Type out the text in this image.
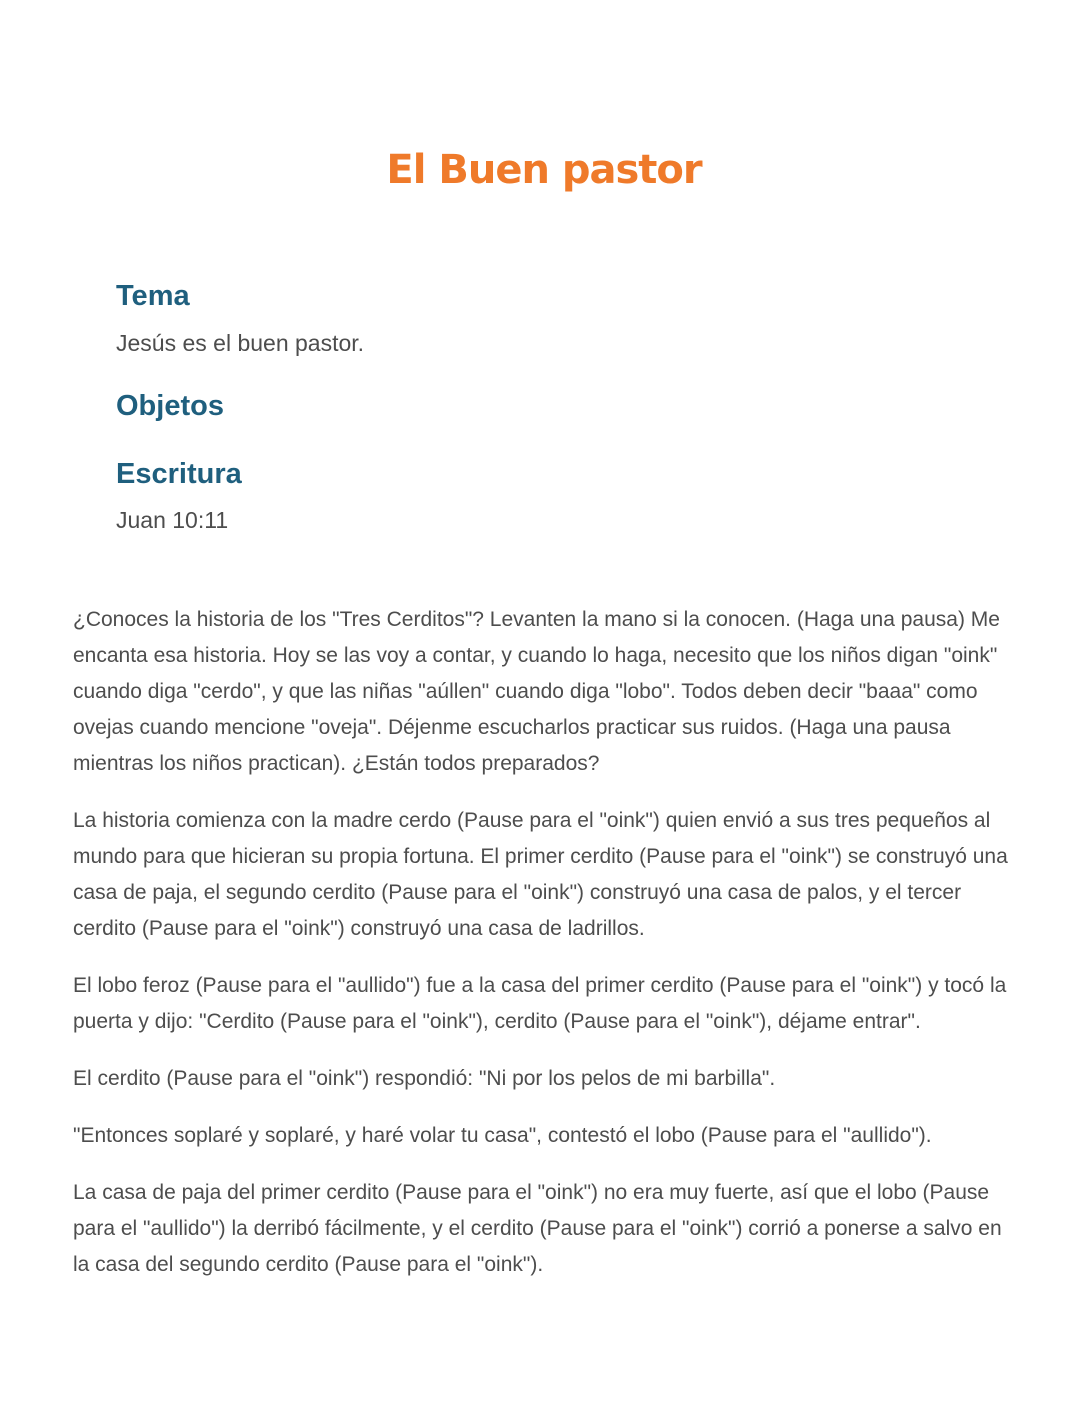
El Buen pastor
Tema

Jesús es el buen pastor.

Objetos
Escritura

Juan 10:11

¿Conoces la historia de los "Tres Cerditos"? Levanten la mano si la conocen. (Haga una pausa) Me encanta esa historia. Hoy se las voy a contar, y cuando lo haga, necesito que los niños digan "oink" cuando diga "cerdo", y que las niñas "aúllen" cuando diga "lobo". Todos deben decir "baaa" como ovejas cuando mencione "oveja". Déjenme escucharlos practicar sus ruidos. (Haga una pausa mientras los niños practican). ¿Están todos preparados?

La historia comienza con la madre cerdo (Pause para el "oink") quien envió a sus tres pequeños al mundo para que hicieran su propia fortuna. El primer cerdito (Pause para el "oink") se construyó una casa de paja, el segundo cerdito (Pause para el "oink") construyó una casa de palos, y el tercer cerdito (Pause para el "oink") construyó una casa de ladrillos.

El lobo feroz (Pause para el "aullido") fue a la casa del primer cerdito (Pause para el "oink") y tocó la puerta y dijo: "Cerdito (Pause para el "oink"), cerdito (Pause para el "oink"), déjame entrar".

El cerdito (Pause para el "oink") respondió: "Ni por los pelos de mi barbilla".

"Entonces soplaré y soplaré, y haré volar tu casa", contestó el lobo (Pause para el "aullido").

La casa de paja del primer cerdito (Pause para el "oink") no era muy fuerte, así que el lobo (Pause para el "aullido") la derribó fácilmente, y el cerdito (Pause para el "oink") corrió a ponerse a salvo en la casa del segundo cerdito (Pause para el "oink").
